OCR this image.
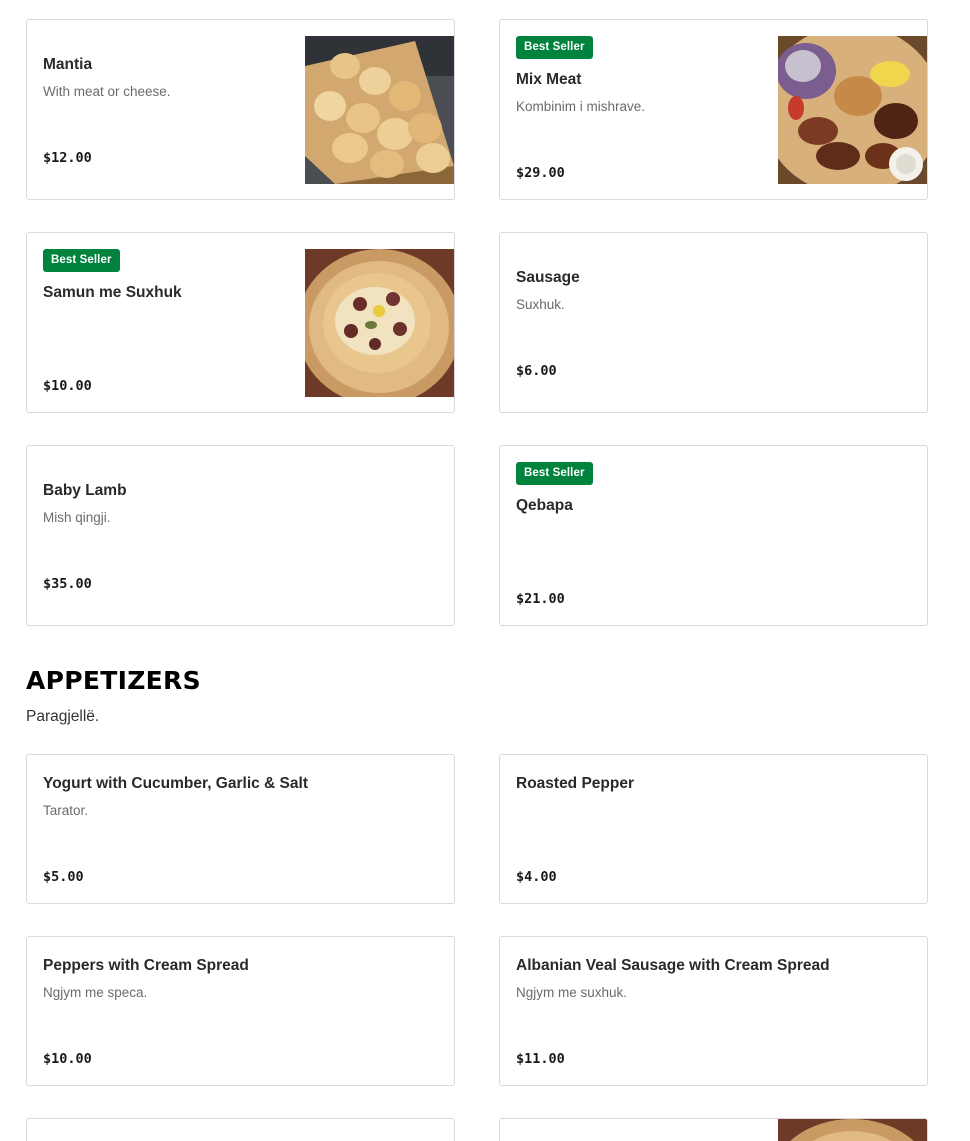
Mantia
With meat or cheese.
$12.00
Best Seller
Mix Meat
Kombinim i mishrave.
$29.00
Best Seller
Samun me Suxhuk
$10.00
Sausage
Suxhuk.
$6.00
Baby Lamb
Mish qingji.
$35.00
Best Seller
Qebapa
$21.00
APPETIZERS
Paragjellë.
Yogurt with Cucumber, Garlic & Salt
Tarator.
$5.00
Roasted Pepper
$4.00
Peppers with Cream Spread
Ngjym me speca.
$10.00
Albanian Veal Sausage with Cream Spread
Ngjym me suxhuk.
$11.00
